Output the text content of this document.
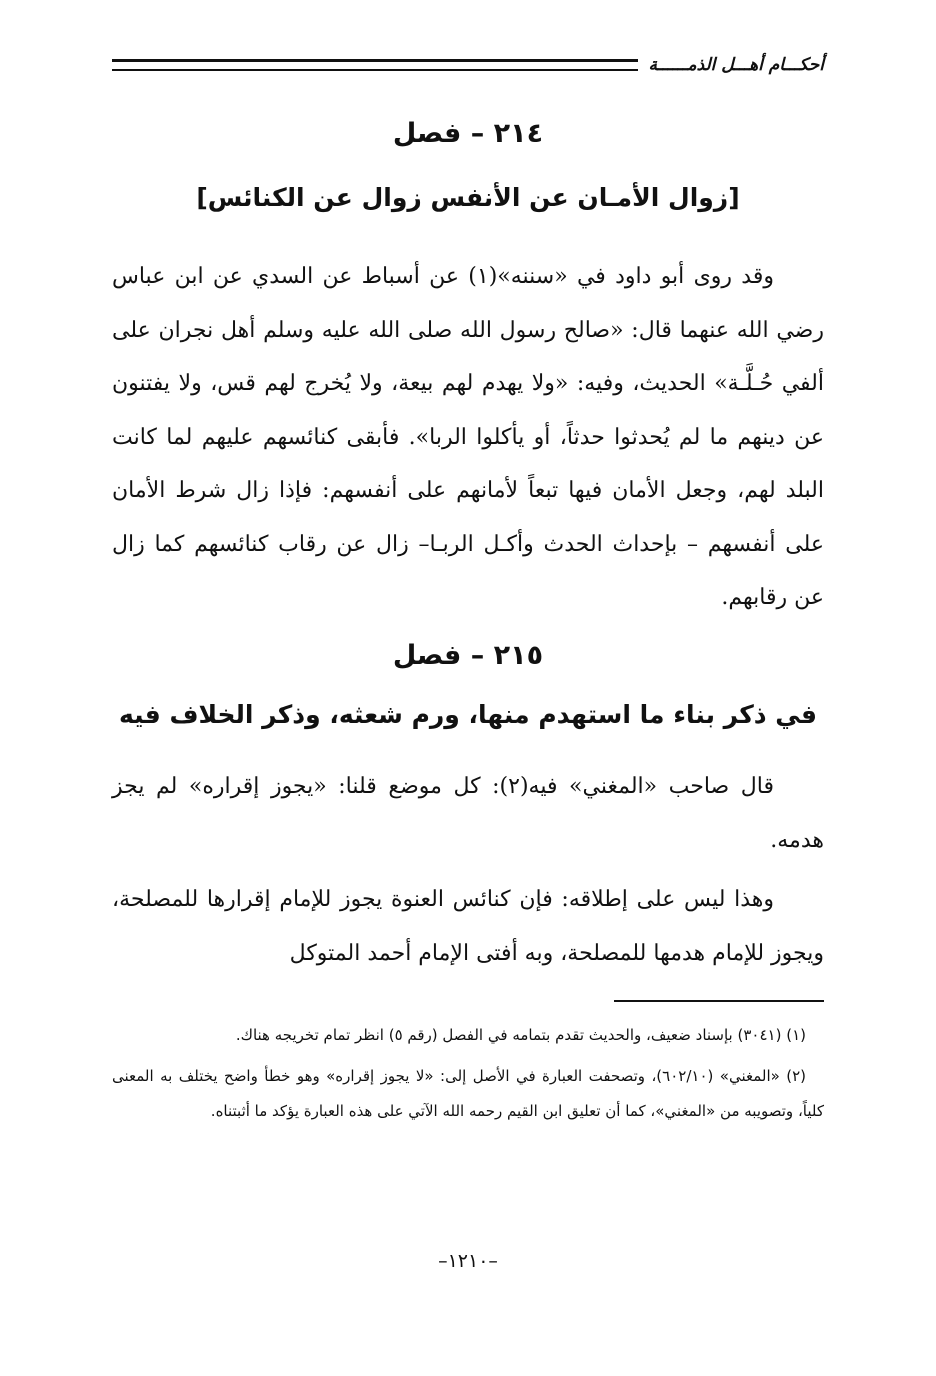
أحكـــام أهـــل الذمــــــة
٢١٤ – فصل
[زوال الأمـان عن الأنفس زوال عن الكنائس]

وقد روى أبو داود في «سننه»(١) عن أسباط عن السدي عن ابن عباس رضي الله عنهما قال: «صالح رسول الله صلى الله عليه وسلم أهل نجران على ألفي حُـلَّـة» الحديث، وفيه: «ولا يهدم لهم بيعة، ولا يُخرج لهم قس، ولا يفتنون عن دينهم ما لم يُحدثوا حدثاً، أو يأكلوا الربا». فأبقى كنائسهم عليهم لما كانت البلد لهم، وجعل الأمان فيها تبعاً لأمانهم على أنفسهم: فإذا زال شرط الأمان على أنفسهم – بإحداث الحدث وأكـل الربـا– زال عن رقاب كنائسهم كما زال عن رقابهم.

٢١٥ – فصل
في ذكر بناء ما استهدم منها، ورم شعثه، وذكر الخلاف فيه

قال صاحب «المغني» فيه(٢): كل موضع قلنا: «يجوز إقراره» لم يجز هدمه.

وهذا ليس على إطلاقه: فإن كنائس العنوة يجوز للإمام إقرارها للمصلحة، ويجوز للإمام هدمها للمصلحة، وبه أفتى الإمام أحمد المتوكل

(١) (٣٠٤١) بإسناد ضعيف، والحديث تقدم بتمامه في الفصل (رقم ٥) انظر تمام تخريجه هناك.

(٢) «المغني» (٦٠٢/١٠)، وتصحفت العبارة في الأصل إلى: «لا يجوز إقراره» وهو خطأ واضح يختلف به المعنى كلياً، وتصويبه من «المغني»، كما أن تعليق ابن القيم رحمه الله الآتي على هذه العبارة يؤكد ما أثبتناه.

–١٢١٠–
